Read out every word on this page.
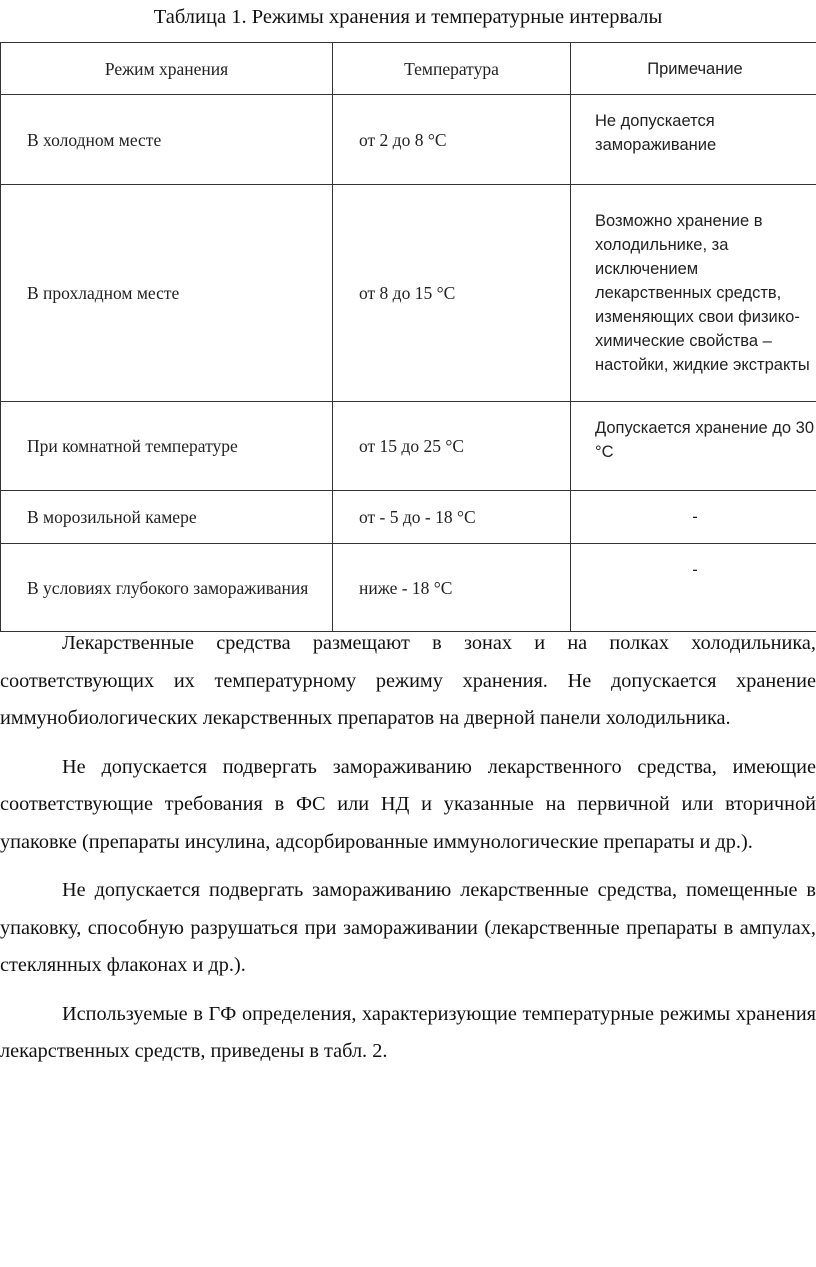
Таблица 1. Режимы хранения и температурные интервалы
Режим хранения	Температура	Примечание
В холодном месте	от 2 до 8 °С	Не допускается замораживание
В прохладном месте	от 8 до 15 °С	Возможно хранение в холодильнике, за исключением лекарственных средств, изменяющих свои физико-химические свойства – настойки, жидкие экстракты
При комнатной температуре	от 15 до 25 °С	Допускается хранение до 30 °С
В морозильной камере	от - 5 до - 18 °С	-
В условиях глубокого замораживания	ниже - 18 °С	-

Лекарственные средства размещают в зонах и на полках холодильника, соответствующих их температурному режиму хранения. Не допускается хранение иммунобиологических лекарственных препаратов на дверной панели холодильника.

Не допускается подвергать замораживанию лекарственного средства, имеющие соответствующие требования в ФС или НД и указанные на первичной или вторичной упаковке (препараты инсулина, адсорбированные иммунологические препараты и др.).

Не допускается подвергать замораживанию лекарственные средства, помещенные в упаковку, способную разрушаться при замораживании (лекарственные препараты в ампулах, стеклянных флаконах и др.).

Используемые в ГФ определения, характеризующие температурные режимы хранения лекарственных средств, приведены в табл. 2.
